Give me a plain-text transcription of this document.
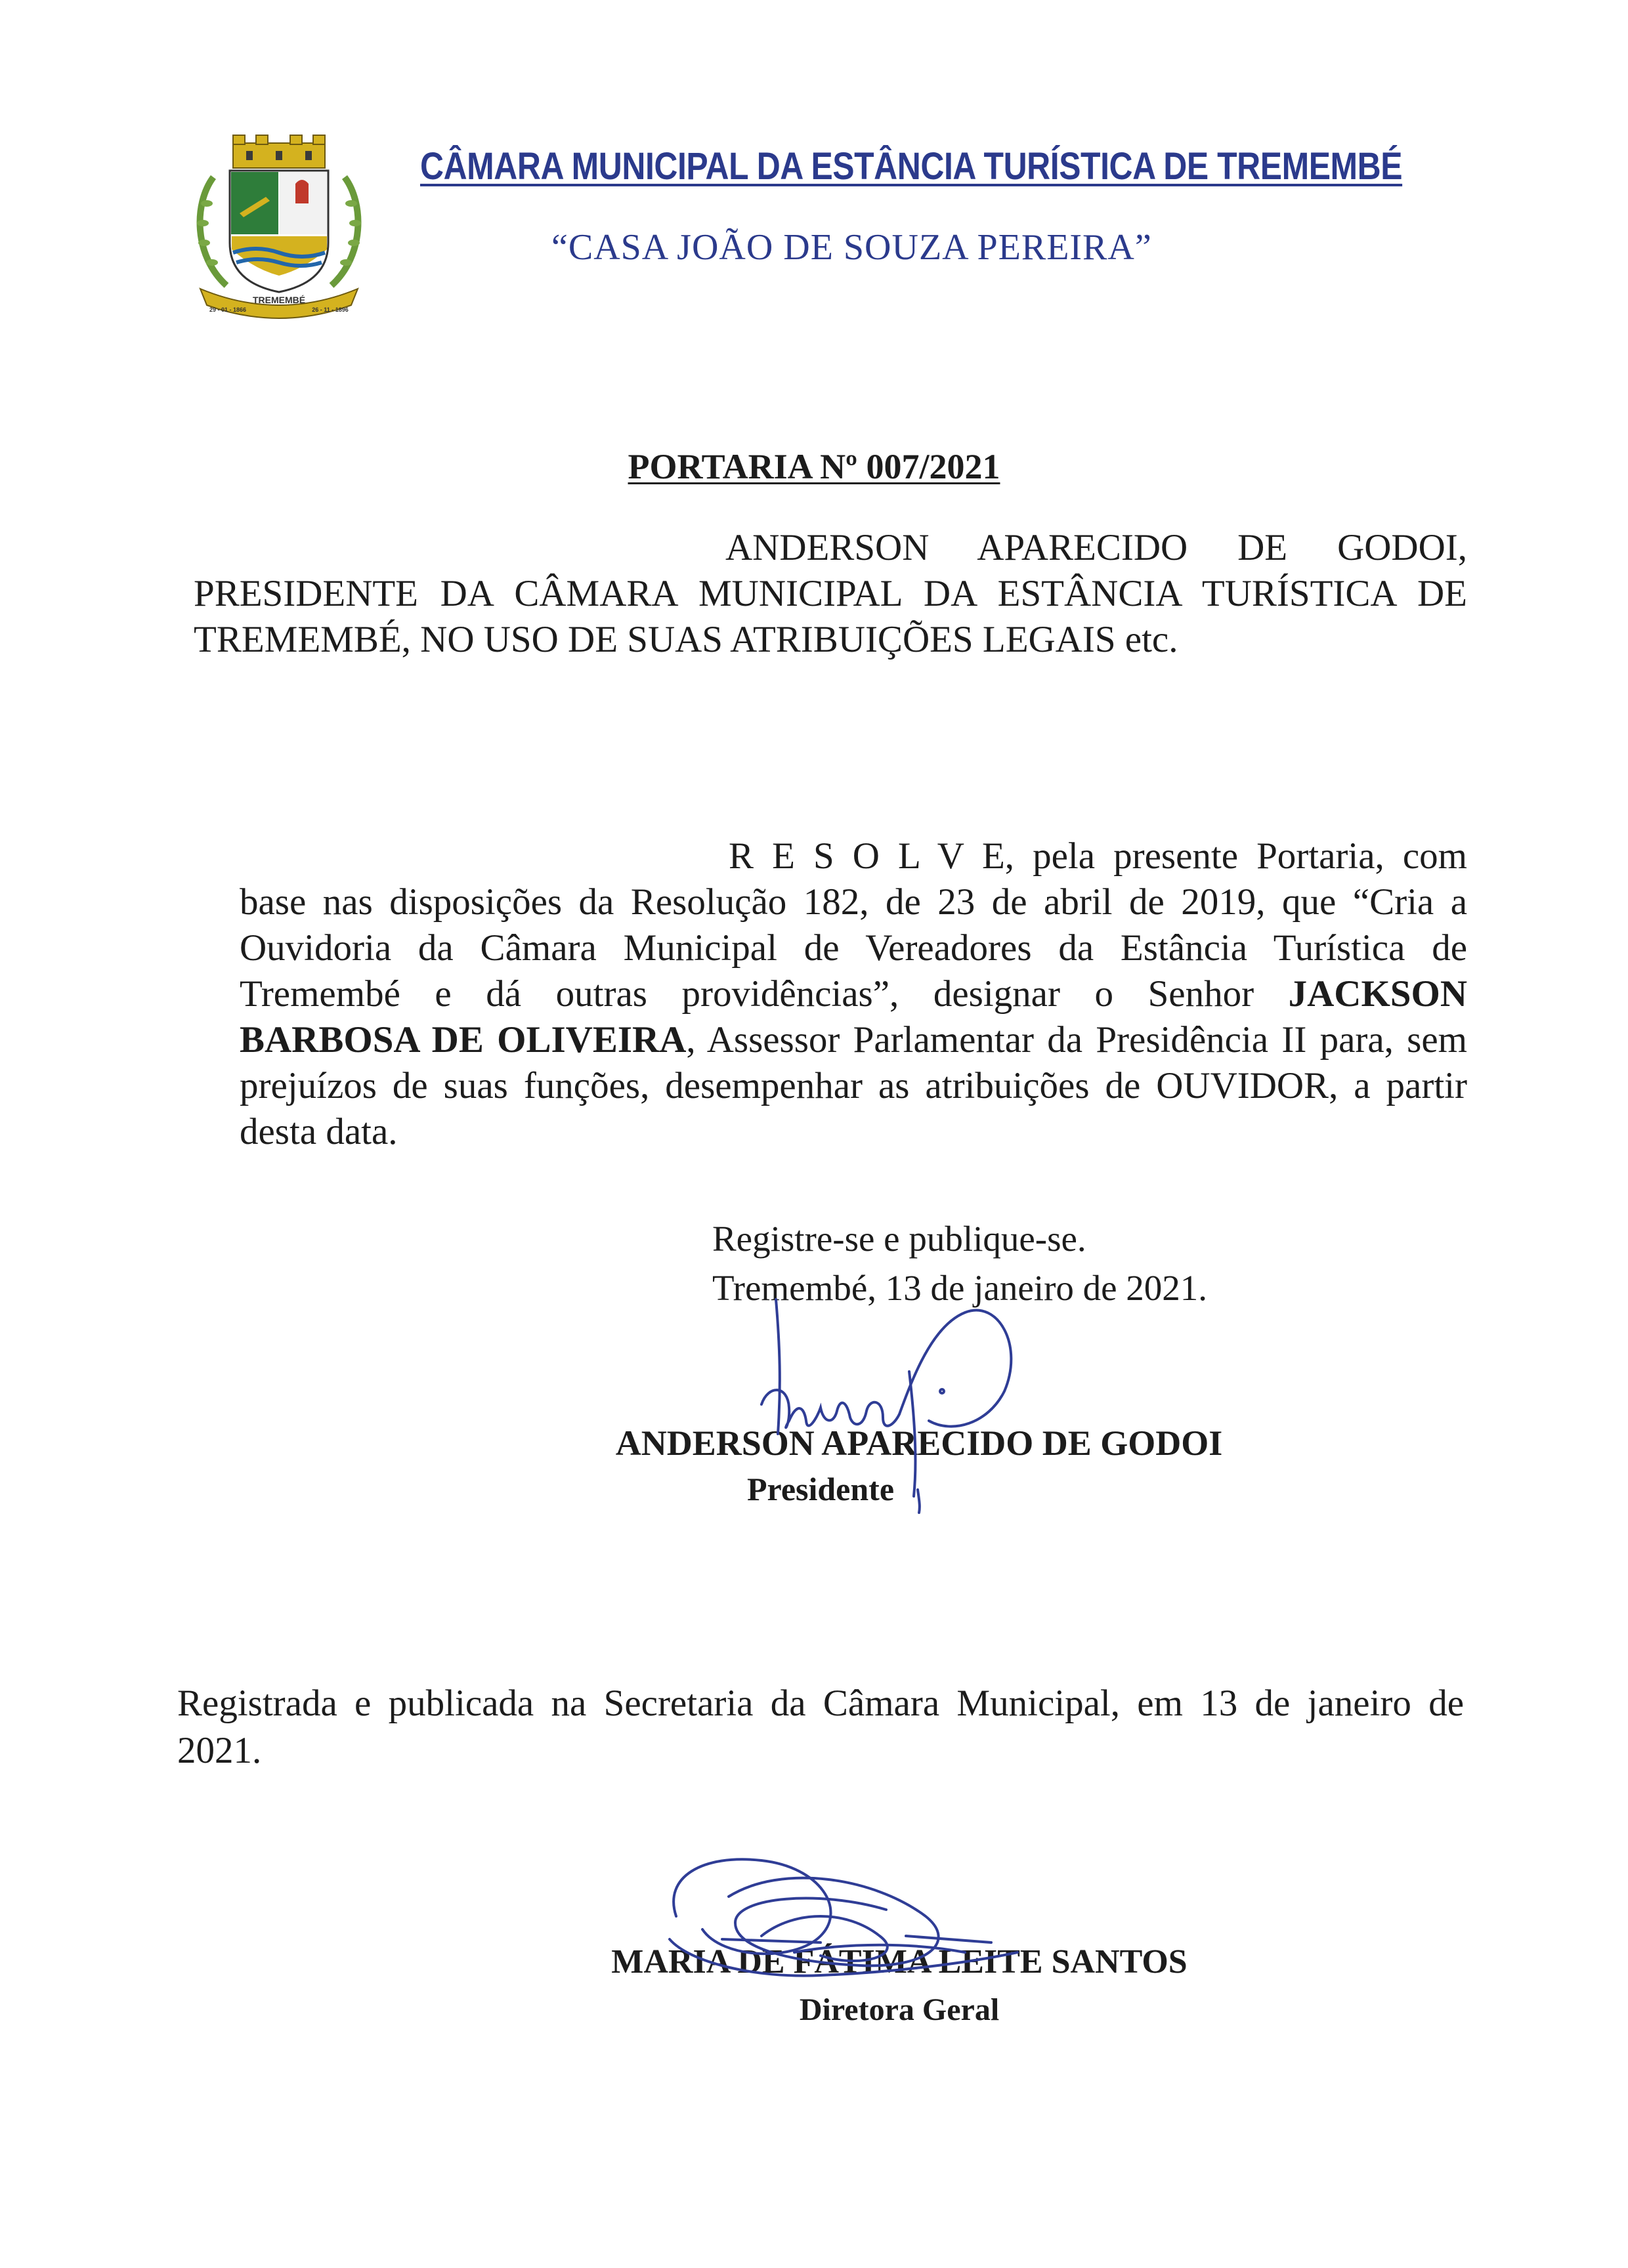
TREMEMBÉ
29 - 01 - 1866	26 - 11 - 1896
CÂMARA MUNICIPAL DA ESTÂNCIA TURÍSTICA DE TREMEMBÉ
“CASA JOÃO DE SOUZA PEREIRA”
PORTARIA Nº 007/2021
ANDERSON APARECIDO DE GODOI,
PRESIDENTE DA CÂMARA MUNICIPAL DA ESTÂNCIA TURÍSTICA DE
TREMEMBÉ, NO USO DE SUAS ATRIBUIÇÕES LEGAIS etc.
R E S O L V E, pela presente Portaria, com
base nas disposições da Resolução 182, de 23 de abril de 2019, que “Cria a
Ouvidoria da Câmara Municipal de Vereadores da Estância Turística de
Tremembé e dá outras providências”, designar o Senhor JACKSON
BARBOSA DE OLIVEIRA, Assessor Parlamentar da Presidência II para, sem
prejuízos de suas funções, desempenhar as atribuições de OUVIDOR, a partir
desta data.
Registre-se e publique-se.
Tremembé, 13 de janeiro de 2021.
ANDERSON APARECIDO DE GODOI
Presidente
Registrada e publicada na Secretaria da Câmara Municipal, em 13 de janeiro de
2021.
MARIA DE FÁTIMA LEITE SANTOS
Diretora Geral
